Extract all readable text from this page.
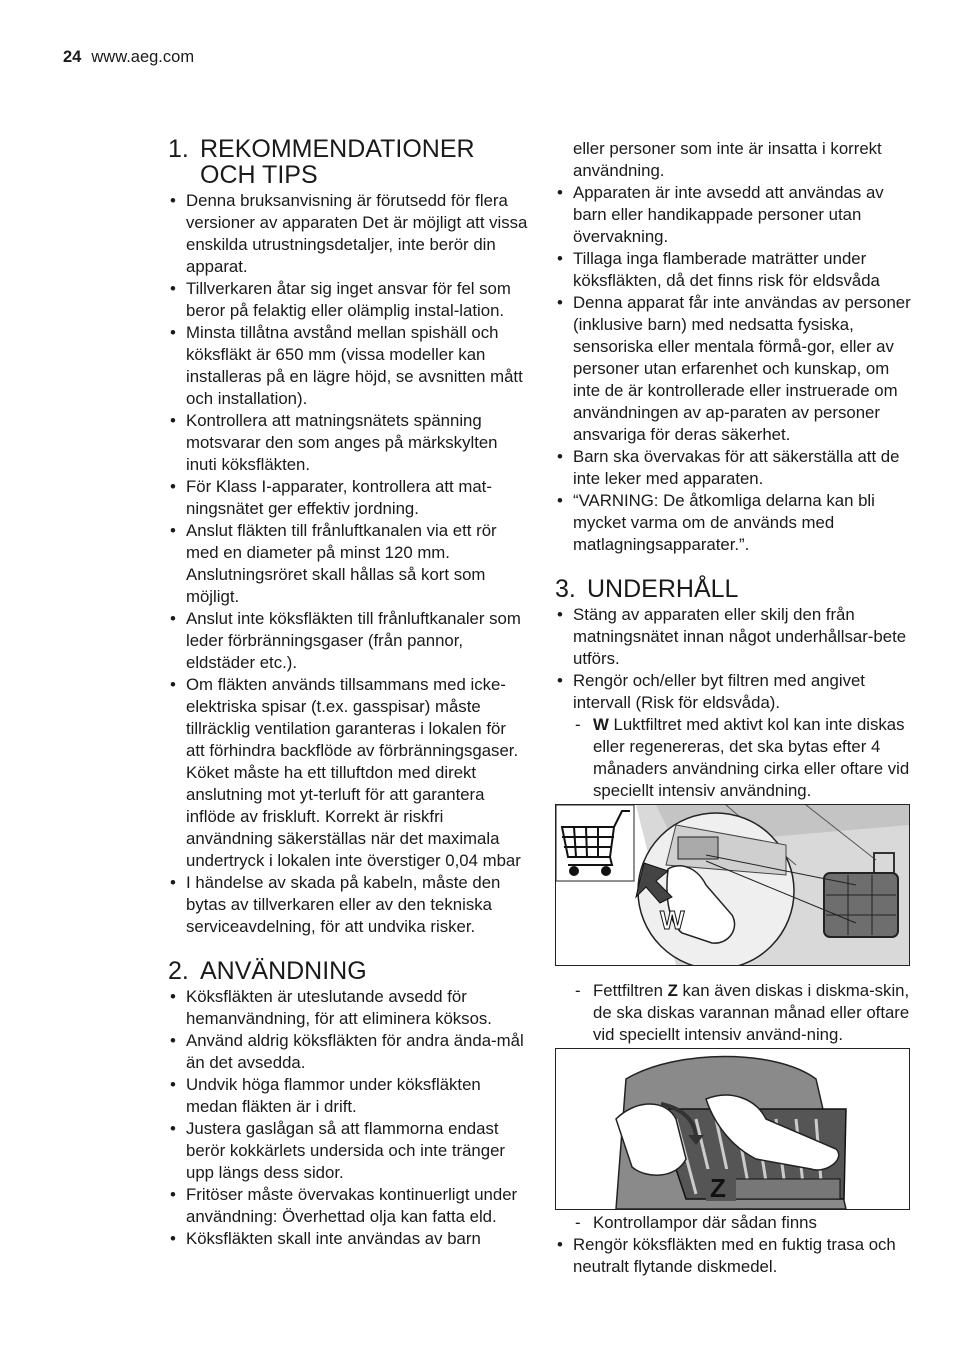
24 www.aeg.com
1. REKOMMENDATIONER
OCH TIPS
• Denna bruksanvisning är förutsedd för flera versioner av apparaten Det är möjligt att vissa enskilda utrustningsdetaljer, inte berör din apparat.
• Tillverkaren åtar sig inget ansvar för fel som beror på felaktig eller olämplig instal-lation.
• Minsta tillåtna avstånd mellan spishäll och köksfläkt är 650 mm (vissa modeller kan installeras på en lägre höjd, se avsnitten mått och installation).
• Kontrollera att matningsnätets spänning motsvarar den som anges på märkskylten inuti köksfläkten.
• För Klass I-apparater, kontrollera att mat-ningsnätet ger effektiv jordning.
• Anslut fläkten till frånluftkanalen via ett rör med en diameter på minst 120 mm. Anslutningsröret skall hållas så kort som möjligt.
• Anslut inte köksfläkten till frånluftkanaler som leder förbränningsgaser (från pannor, eldstäder etc.).
• Om fläkten används tillsammans med icke-elektriska spisar (t.ex. gasspisar) måste tillräcklig ventilation garanteras i lokalen för att förhindra backflöde av förbränningsgaser. Köket måste ha ett tilluftdon med direkt anslutning mot yt-terluft för att garantera inflöde av friskluft. Korrekt är riskfri användning säkerställas när det maximala undertryck i lokalen inte överstiger 0,04 mbar
• I händelse av skada på kabeln, måste den bytas av tillverkaren eller av den tekniska serviceavdelning, för att undvika risker.
2. ANVÄNDNING
• Köksfläkten är uteslutande avsedd för hemanvändning, för att eliminera köksos.
• Använd aldrig köksfläkten för andra ända-mål än det avsedda.
• Undvik höga flammor under köksfläkten medan fläkten är i drift.
• Justera gaslågan så att flammorna endast berör kokkärlets undersida och inte tränger upp längs dess sidor.
• Fritöser måste övervakas kontinuerligt under användning: Överhettad olja kan fatta eld.
• Köksfläkten skall inte användas av barn
eller personer som inte är insatta i korrekt användning.
• Apparaten är inte avsedd att användas av barn eller handikappade personer utan övervakning.
• Tillaga inga flamberade maträtter under köksfläkten, då det finns risk för eldsvåda
• Denna apparat får inte användas av personer (inklusive barn) med nedsatta fysiska, sensoriska eller mentala förmå-gor, eller av personer utan erfarenhet och kunskap, om inte de är kontrollerade eller instruerade om användningen av ap-paraten av personer ansvariga för deras säkerhet.
• Barn ska övervakas för att säkerställa att de inte leker med apparaten.
• “VARNING: De åtkomliga delarna kan bli mycket varma om de används med matlagningsapparater.”.
3. UNDERHÅLL
• Stäng av apparaten eller skilj den från matningsnätet innan något underhållsar-bete utförs.
• Rengör och/eller byt filtren med angivet intervall (Risk för eldsvåda).
- W Luktfiltret med aktivt kol kan inte diskas eller regenereras, det ska bytas efter 4 månaders användning cirka eller oftare vid speciellt intensiv användning.
W
- Fettfiltren Z kan även diskas i diskma-skin, de ska diskas varannan månad eller oftare vid speciellt intensiv använd-ning.
Z
- Kontrollampor där sådan finns
• Rengör köksfläkten med en fuktig trasa och neutralt flytande diskmedel.
